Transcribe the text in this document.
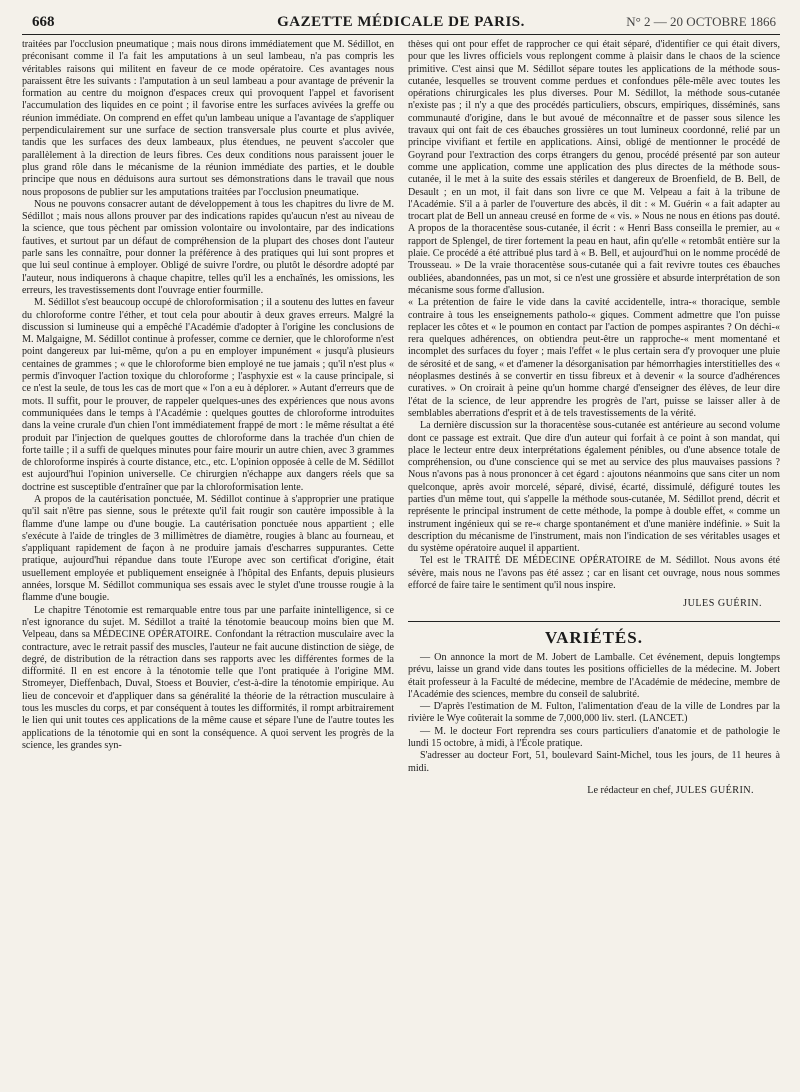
668	GAZETTE MÉDICALE DE PARIS.	N° 2 — 20 OCTOBRE 1866

traitées par l'occlusion pneumatique ; mais nous dirons immédiatement que M. Sédillot, en préconisant comme il l'a fait les amputations à un seul lambeau, n'a pas compris les véritables raisons qui militent en faveur de ce mode opératoire. Ces avantages nous paraissent être les suivants : l'amputation à un seul lambeau a pour avantage de prévenir la formation au centre du moignon d'espaces creux qui provoquent l'appel et favorisent l'accumulation des liquides en ce point ; il favorise entre les surfaces avivées la greffe ou réunion immédiate. On comprend en effet qu'un lambeau unique a l'avantage de s'appliquer perpendiculairement sur une surface de section transversale plus courte et plus avivée, tandis que les surfaces des deux lambeaux, plus étendues, ne peuvent s'accoler que parallèlement à la direction de leurs fibres. Ces deux conditions nous paraissent jouer le plus grand rôle dans le mécanisme de la réunion immédiate des parties, et le double principe que nous en déduisons aura surtout ses démonstrations dans le travail que nous nous proposons de publier sur les amputations traitées par l'occlusion pneumatique.

Nous ne pouvons consacrer autant de développement à tous les chapitres du livre de M. Sédillot ; mais nous allons prouver par des indications rapides qu'aucun n'est au niveau de la science, que tous pèchent par omission volontaire ou involontaire, par des indications fautives, et surtout par un défaut de compréhension de la plupart des choses dont l'auteur parle sans les connaître, pour donner la préférence à des pratiques qui lui sont propres et que lui seul continue à employer. Obligé de suivre l'ordre, ou plutôt le désordre adopté par l'auteur, nous indiquerons à chaque chapitre, telles qu'il les a enchaînés, les omissions, les erreurs, les travestissements dont l'ouvrage entier fourmille.

M. Sédillot s'est beaucoup occupé de chloroformisation ; il a soutenu des luttes en faveur du chloroforme contre l'éther, et tout cela pour aboutir à deux graves erreurs. Malgré la discussion si lumineuse qui a empêché l'Académie d'adopter à l'origine les conclusions de M. Malgaigne, M. Sédillot continue à professer, comme ce dernier, que le chloroforme n'est point dangereux par lui-même, qu'on a pu en employer impunément « jusqu'à plusieurs centaines de grammes ; « que le chloroforme bien employé ne tue jamais ; qu'il n'est plus « permis d'invoquer l'action toxique du chloroforme ; l'asphyxie est « la cause principale, si ce n'est la seule, de tous les cas de mort que « l'on a eu à déplorer. » Autant d'erreurs que de mots. Il suffit, pour le prouver, de rappeler quelques-unes des expériences que nous avons communiquées dans le temps à l'Académie : quelques gouttes de chloroforme introduites dans la veine crurale d'un chien l'ont immédiatement frappé de mort : le même résultat a été produit par l'injection de quelques gouttes de chloroforme dans la trachée d'un chien de forte taille ; il a suffi de quelques minutes pour faire mourir un autre chien, avec 3 grammes de chloroforme inspirés à courte distance, etc., etc. L'opinion opposée à celle de M. Sédillot est aujourd'hui l'opinion universelle. Ce chirurgien n'échappe aux dangers réels que sa doctrine est susceptible d'entraîner que par la chloroformisation lente.

A propos de la cautérisation ponctuée, M. Sédillot continue à s'approprier une pratique qu'il sait n'être pas sienne, sous le prétexte qu'il fait rougir son cautère impossible à la flamme d'une lampe ou d'une bougie. La cautérisation ponctuée nous appartient ; elle s'exécute à l'aide de tringles de 3 millimètres de diamètre, rougies à blanc au fourneau, et s'appliquant rapidement de façon à ne produire jamais d'escharres suppurantes. Cette pratique, aujourd'hui répandue dans toute l'Europe avec son certificat d'origine, était usuellement employée et publiquement enseignée à l'hôpital des Enfants, depuis plusieurs années, lorsque M. Sédillot communiqua ses essais avec le stylet d'une trousse rougie à la flamme d'une bougie.

Le chapitre Ténotomie est remarquable entre tous par une parfaite inintelligence, si ce n'est ignorance du sujet. M. Sédillot a traité la ténotomie beaucoup moins bien que M. Velpeau, dans sa MÉDECINE OPÉRATOIRE. Confondant la rétraction musculaire avec la contracture, avec le retrait passif des muscles, l'auteur ne fait aucune distinction de siège, de degré, de distribution de la rétraction dans ses rapports avec les différentes formes de la difformité. Il en est encore à la ténotomie telle que l'ont pratiquée à l'origine MM. Stromeyer, Dieffenbach, Duval, Stoess et Bouvier, c'est-à-dire la ténotomie empirique. Au lieu de concevoir et d'appliquer dans sa généralité la théorie de la rétraction musculaire à tous les muscles du corps, et par conséquent à toutes les difformités, il rompt arbitrairement le lien qui unit toutes ces applications de la même cause et sépare l'une de l'autre toutes les applications de la ténotomie qui en sont la conséquence. A quoi servent les progrès de la science, les grandes syn-

thèses qui ont pour effet de rapprocher ce qui était séparé, d'identifier ce qui était divers, pour que les livres officiels vous replongent comme à plaisir dans le chaos de la science primitive. C'est ainsi que M. Sédillot sépare toutes les applications de la méthode sous-cutanée, lesquelles se trouvent comme perdues et confondues pêle-mêle avec toutes les opérations chirurgicales les plus diverses. Pour M. Sédillot, la méthode sous-cutanée n'existe pas ; il n'y a que des procédés particuliers, obscurs, empiriques, disséminés, sans communauté d'origine, dans le but avoué de méconnaître et de passer sous silence les travaux qui ont fait de ces ébauches grossières un tout lumineux coordonné, relié par un principe vivifiant et fertile en applications. Ainsi, obligé de mentionner le procédé de Goyrand pour l'extraction des corps étrangers du genou, procédé présenté par son auteur comme une application, comme une application des plus directes de la méthode sous-cutanée, il le met à la suite des essais stériles et dangereux de Broenfield, de B. Bell, de Desault ; en un mot, il fait dans son livre ce que M. Velpeau a fait à la tribune de l'Académie. S'il a à parler de l'ouverture des abcès, il dit : « M. Guérin « a fait adapter au trocart plat de Bell un anneau creusé en forme de « vis. » Nous ne nous en étions pas douté. A propos de la thoracentèse sous-cutanée, il écrit : « Henri Bass conseilla le premier, au « rapport de Splengel, de tirer fortement la peau en haut, afin qu'elle « retombât entière sur la plaie. Ce procédé a été attribué plus tard à « B. Bell, et aujourd'hui on le nomme procédé de Trousseau. » De la vraie thoracentèse sous-cutanée qui a fait revivre toutes ces ébauches oubliées, abandonnées, pas un mot, si ce n'est une grossière et absurde interprétation de son mécanisme sous forme d'allusion.

« La prétention de faire le vide dans la cavité accidentelle, intra-« thoracique, semble contraire à tous les enseignements patholo-« giques. Comment admettre que l'on puisse replacer les côtes et « le poumon en contact par l'action de pompes aspirantes ? On déchi-« rera quelques adhérences, on obtiendra peut-être un rapproche-« ment momentané et incomplet des surfaces du foyer ; mais l'effet « le plus certain sera d'y provoquer une pluie de sérosité et de sang, « et d'amener la désorganisation par hémorrhagies interstitielles des « néoplasmes destinés à se convertir en tissu fibreux et à devenir « la source d'adhérences curatives. » On croirait à peine qu'un homme chargé d'enseigner des élèves, de leur dire l'état de la science, de leur apprendre les progrès de l'art, puisse se laisser aller à de semblables aberrations d'esprit et à de tels travestissements de la vérité.

La dernière discussion sur la thoracentèse sous-cutanée est antérieure au second volume dont ce passage est extrait. Que dire d'un auteur qui forfait à ce point à son mandat, qui place le lecteur entre deux interprétations également pénibles, ou d'une absence totale de compréhension, ou d'une conscience qui se met au service des plus mauvaises passions ? Nous n'avons pas à nous prononcer à cet égard : ajoutons néanmoins que sans citer un nom quelconque, après avoir morcelé, séparé, divisé, écarté, dissimulé, défiguré toutes les parties d'un même tout, qui s'appelle la méthode sous-cutanée, M. Sédillot prend, décrit et représente le principal instrument de cette méthode, la pompe à double effet, « comme un instrument ingénieux qui se re-« charge spontanément et d'une manière indéfinie. » Suit la description du mécanisme de l'instrument, mais non l'indication de ses véritables usages et du système opératoire auquel il appartient.

Tel est le TRAITÉ DE MÉDECINE OPÉRATOIRE de M. Sédillot. Nous avons été sévère, mais nous ne l'avons pas été assez ; car en lisant cet ouvrage, nous nous sommes efforcé de faire taire le sentiment qu'il nous inspire.

JULES GUÉRIN.
VARIÉTÉS.

— On annonce la mort de M. Jobert de Lamballe. Cet événement, depuis longtemps prévu, laisse un grand vide dans toutes les positions officielles de la médecine. M. Jobert était professeur à la Faculté de médecine, membre de l'Académie de médecine, membre de l'Académie des sciences, membre du conseil de salubrité.

— D'après l'estimation de M. Fulton, l'alimentation d'eau de la ville de Londres par la rivière le Wye coûterait la somme de 7,000,000 liv. sterl. (LANCET.)

— M. le docteur Fort reprendra ses cours particuliers d'anatomie et de pathologie le lundi 15 octobre, à midi, à l'École pratique.

S'adresser au docteur Fort, 51, boulevard Saint-Michel, tous les jours, de 11 heures à midi.

Le rédacteur en chef, JULES GUÉRIN.
